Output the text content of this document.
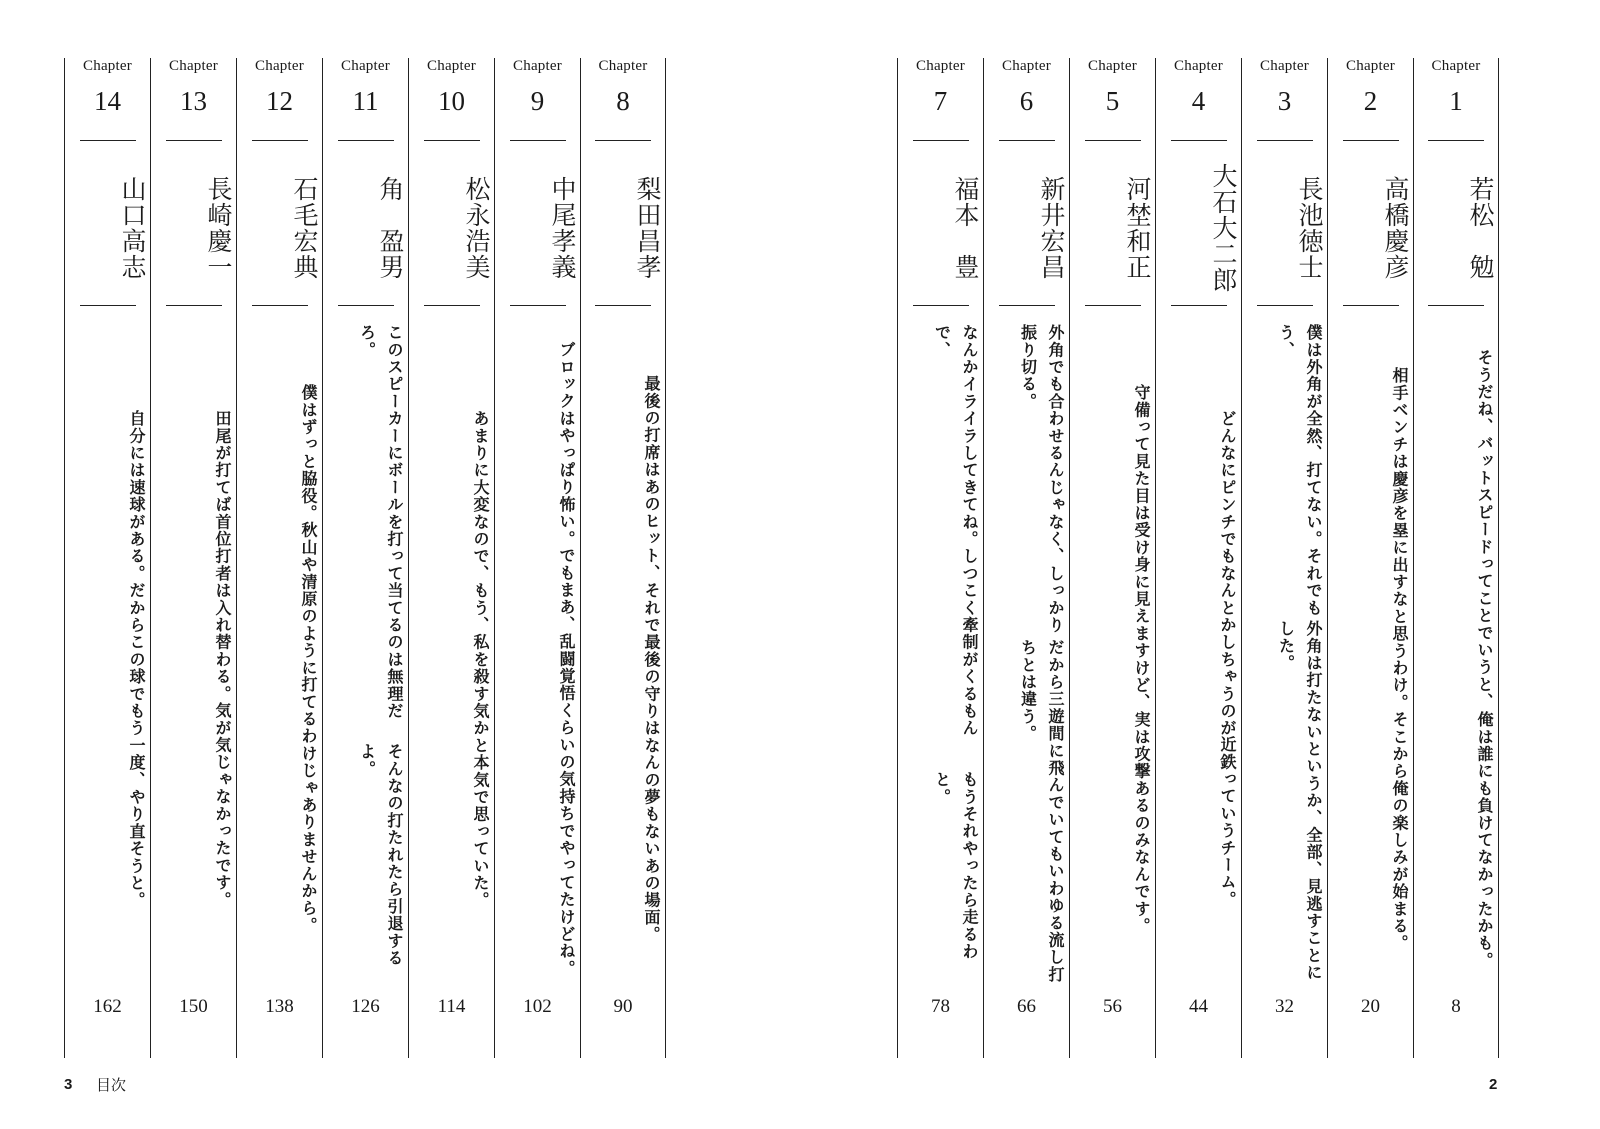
Chapter
14
山口高志
自分には速球がある。
だからこの球でもう一度、やり直そうと。
162
Chapter
13
長崎慶一
田尾が打てば首位打者は入れ替わる。
気が気じゃなかったです。
150
Chapter
12
石毛宏典
僕はずっと脇役。秋山や清原のように
打てるわけじゃありませんから。
138
Chapter
11
角　盈男
このスピーカーにボールを打って当てるのは無理だろ。
そんなの打たれたら引退するよ。
126
Chapter
10
松永浩美
あまりに大変なので、もう、私を殺す気かと
本気で思っていた。
114
Chapter
9
中尾孝義
ブロックはやっぱり怖い。
でもまあ、乱闘覚悟くらいの気持ちでやってたけどね。
102
Chapter
8
梨田昌孝
最後の打席はあのヒット、
それで最後の守りはなんの夢もないあの場面。
90
3 目次
Chapter
7
福本　豊
なんかイライラしてきてね。しつこく牽制がくるもんで、
もうそれやったら走るわと。
78
Chapter
6
新井宏昌
外角でも合わせるんじゃなく、しっかり振り切る。
だから三遊間に飛んでいてもいわゆる流し打ちとは違う。
66
Chapter
5
河埜和正
守備って見た目は受け身に見えますけど、
実は攻撃あるのみなんです。
56
Chapter
4
大石大二郎
どんなにピンチでもなんとかしちゃうのが
近鉄っていうチーム。
44
Chapter
3
長池徳士
僕は外角が全然、打てない。それでもう、
外角は打たないというか、全部、見逃すことにした。
32
Chapter
2
高橋慶彦
相手ベンチは慶彦を塁に出すなと思うわけ。
そこから俺の楽しみが始まる。
20
Chapter
1
若松　勉
そうだね、バットスピードってことでいうと、
俺は誰にも負けてなかったかも。
8
2
